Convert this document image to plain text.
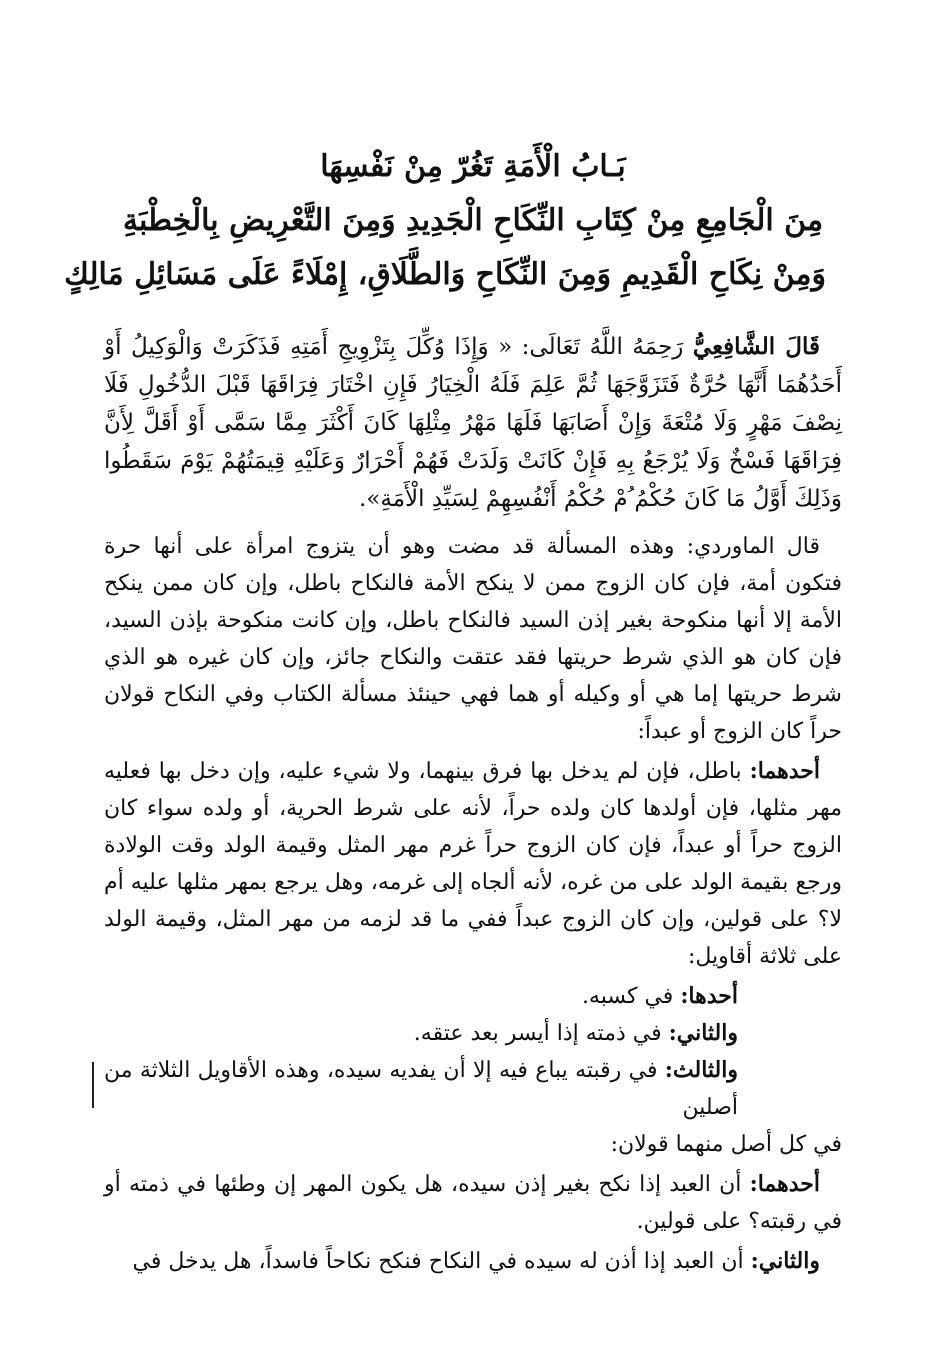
بَـابُ الْأَمَةِ تَغُرّ مِنْ نَفْسِهَا
مِنَ الْجَامِعِ مِنْ كِتَابِ النِّكَاحِ الْجَدِيدِ وَمِنَ التَّعْرِيضِ بِالْخِطْبَةِ
وَمِنْ نِكَاحِ الْقَدِيمِ وَمِنَ النِّكَاحِ وَالطَّلَاقِ، إِمْلَاءً عَلَى مَسَائِلِ مَالِكٍ

قَالَ الشَّافِعِيُّ رَحِمَهُ اللَّهُ تَعَالَى: « وَإِذَا وُكِّلَ بِتَزْوِيجِ أَمَتِهِ فَذَكَرَتْ وَالْوَكِيلُ أَوْ أَحَدُهُمَا أَنَّهَا حُرَّةٌ فَتَزَوَّجَهَا ثُمَّ عَلِمَ فَلَهُ الْخِيَارُ فَإِنِ اخْتَارَ فِرَاقَهَا قَبْلَ الدُّخُولِ فَلَا نِصْفَ مَهْرٍ وَلَا مُتْعَةَ وَإِنْ أَصَابَهَا فَلَهَا مَهْرُ مِثْلِهَا كَانَ أَكْثَرَ مِمَّا سَمَّى أَوْ أَقَلَّ لِأَنَّ فِرَاقَهَا فَسْخٌ وَلَا يُرْجَعُ بِهِ فَإِنْ كَانَتْ وَلَدَتْ فَهُمْ أَحْرَارٌ وَعَلَيْهِ قِيمَتُهُمْ يَوْمَ سَقَطُوا وَذَلِكَ أَوَّلُ مَا كَانَ حُكْمُ ُمْ حُكْمُ أَنْفُسِهِمْ لِسَيِّدِ الْأَمَةِ».

قال الماوردي: وهذه المسألة قد مضت وهو أن يتزوج امرأة على أنها حرة فتكون أمة، فإن كان الزوج ممن لا ينكح الأمة فالنكاح باطل، وإن كان ممن ينكح الأمة إلا أنها منكوحة بغير إذن السيد فالنكاح باطل، وإن كانت منكوحة بإذن السيد، فإن كان هو الذي شرط حريتها فقد عتقت والنكاح جائز، وإن كان غيره هو الذي شرط حريتها إما هي أو وكيله أو هما فهي حينئذ مسألة الكتاب وفي النكاح قولان حراً كان الزوج أو عبداً:

أحدهما: باطل، فإن لم يدخل بها فرق بينهما، ولا شيء عليه، وإن دخل بها فعليه مهر مثلها، فإن أولدها كان ولده حراً، لأنه على شرط الحرية، أو ولده سواء كان الزوج حراً أو عبداً، فإن كان الزوج حراً غرم مهر المثل وقيمة الولد وقت الولادة ورجع بقيمة الولد على من غره، لأنه ألجاه إلى غرمه، وهل يرجع بمهر مثلها عليه أم لا؟ على قولين، وإن كان الزوج عبداً ففي ما قد لزمه من مهر المثل، وقيمة الولد على ثلاثة أقاويل:

أحدها: في كسبه.

والثاني: في ذمته إذا أيسر بعد عتقه.

والثالث: في رقبته يباع فيه إلا أن يفديه سيده، وهذه الأقاويل الثلاثة من أصلين

في كل أصل منهما قولان:

أحدهما: أن العبد إذا نكح بغير إذن سيده، هل يكون المهر إن وطئها في ذمته أو في رقبته؟ على قولين.

والثاني: أن العبد إذا أذن له سيده في النكاح فنكح نكاحاً فاسداً، هل يدخل في
